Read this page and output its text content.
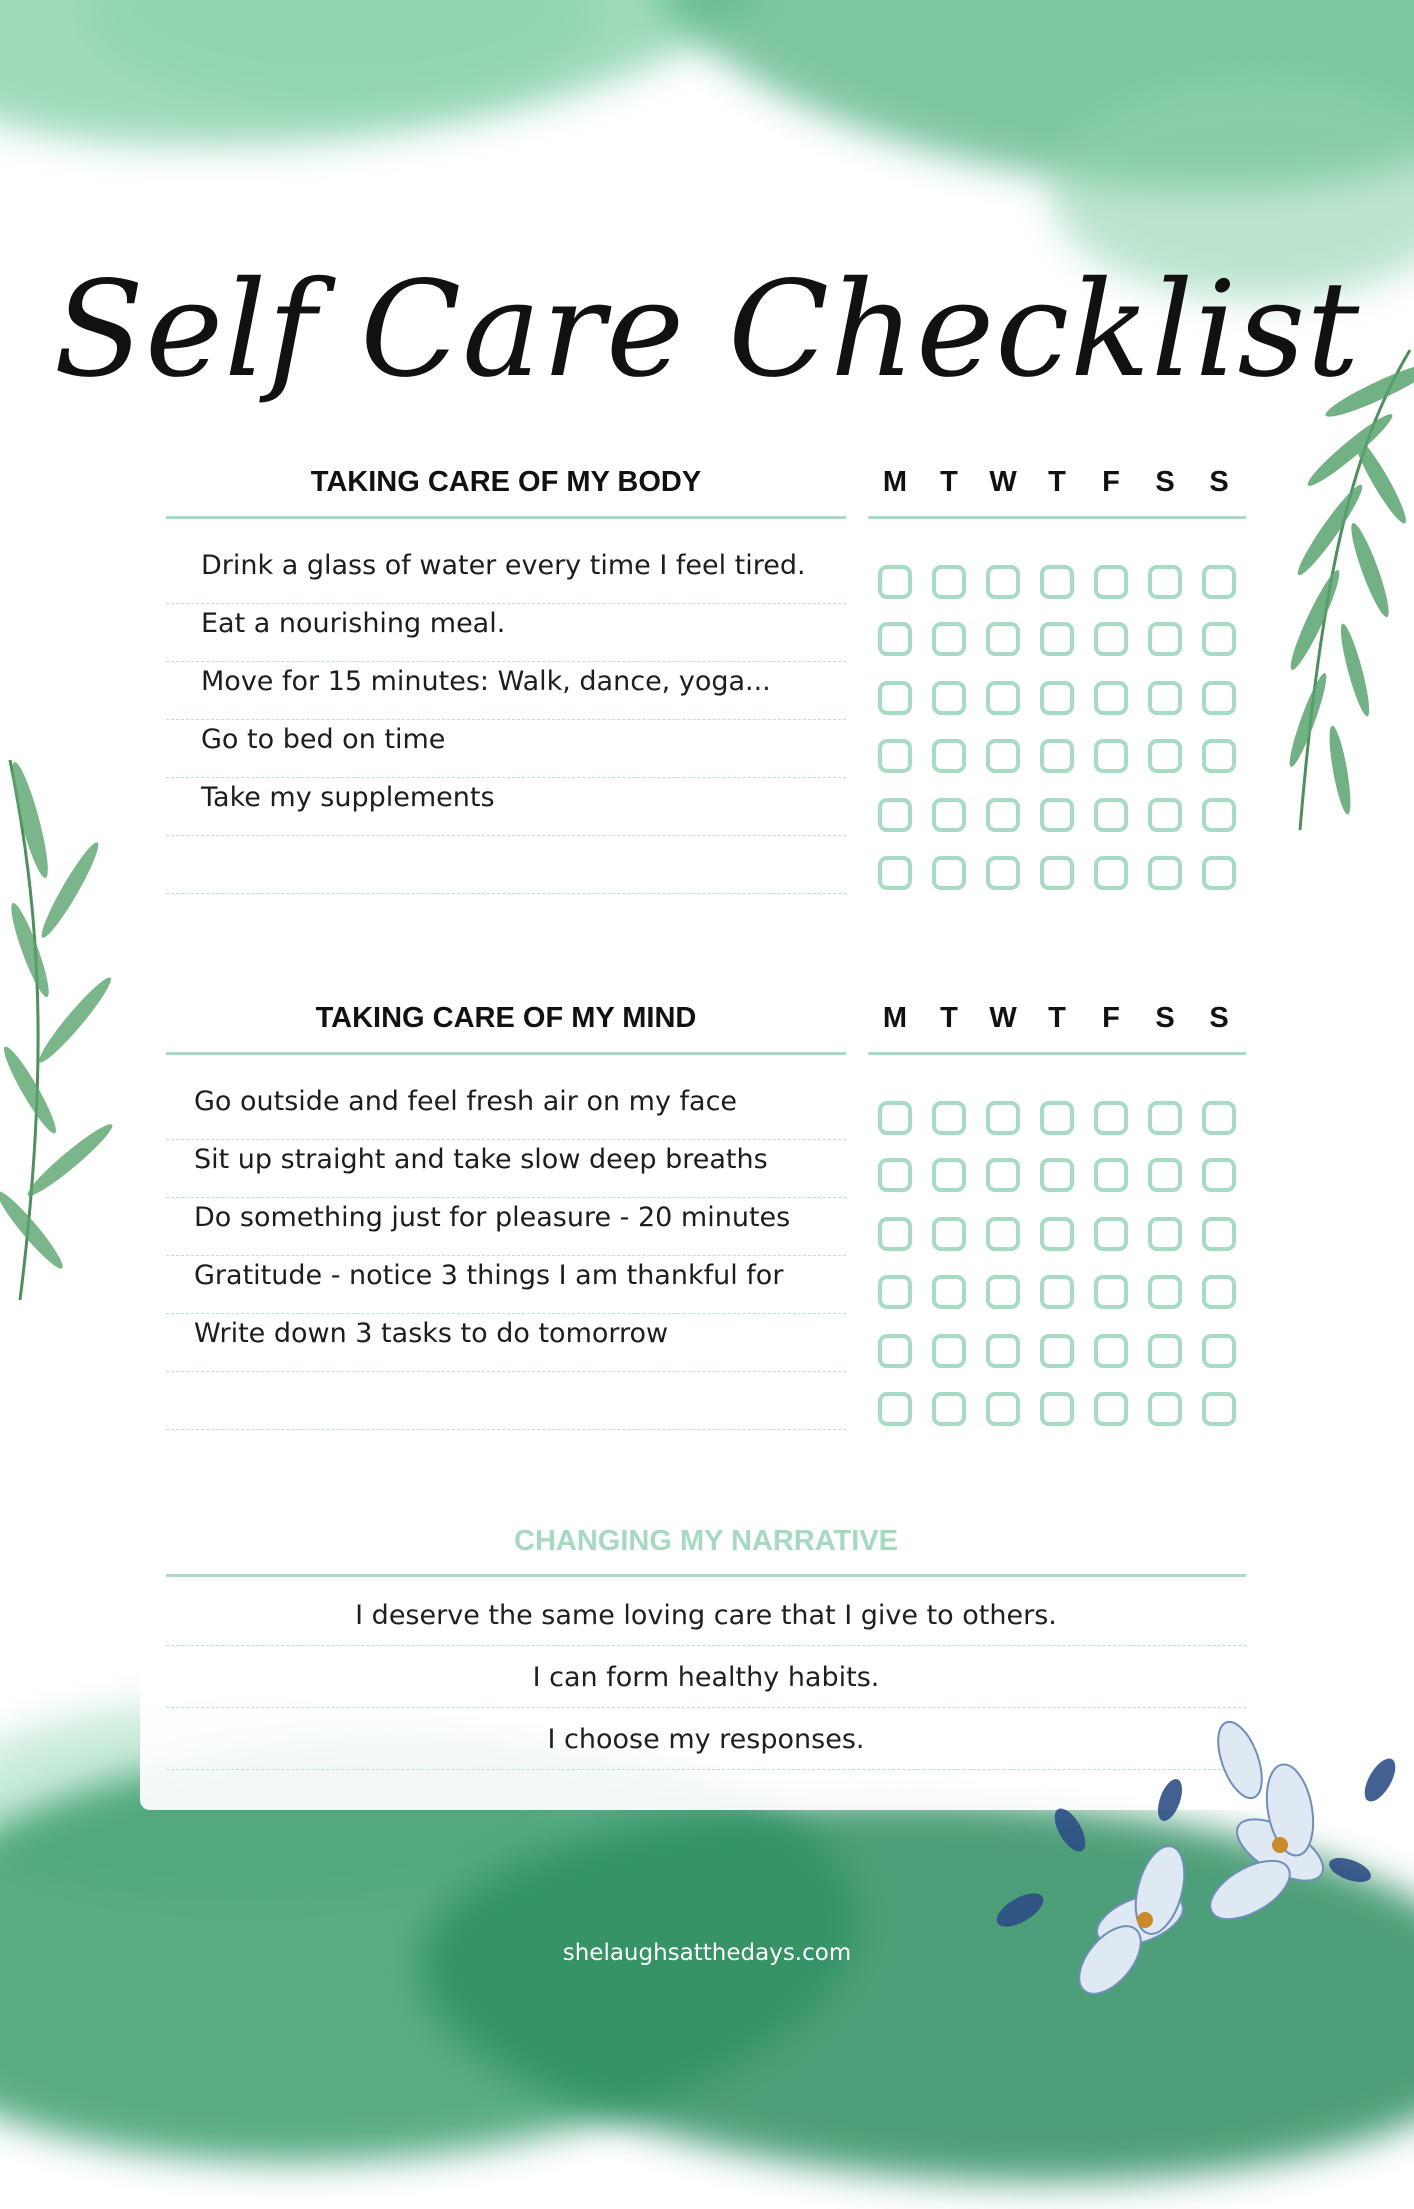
Self Care Checklist
TAKING CARE OF MY BODY	M	T	W	T	F	S	S
Drink a glass of water every time I feel tired.
Eat a nourishing meal.
Move for 15 minutes: Walk, dance, yoga...
Go to bed on time
Take my supplements
TAKING CARE OF MY MIND	M	T	W	T	F	S	S
Go outside and feel fresh air on my face
Sit up straight and take slow deep breaths
Do something just for pleasure - 20 minutes
Gratitude - notice 3 things I am thankful for
Write down 3 tasks to do tomorrow
CHANGING MY NARRATIVE
I deserve the same loving care that I give to others.
I can form healthy habits.
I choose my responses.
shelaughsatthedays.com
